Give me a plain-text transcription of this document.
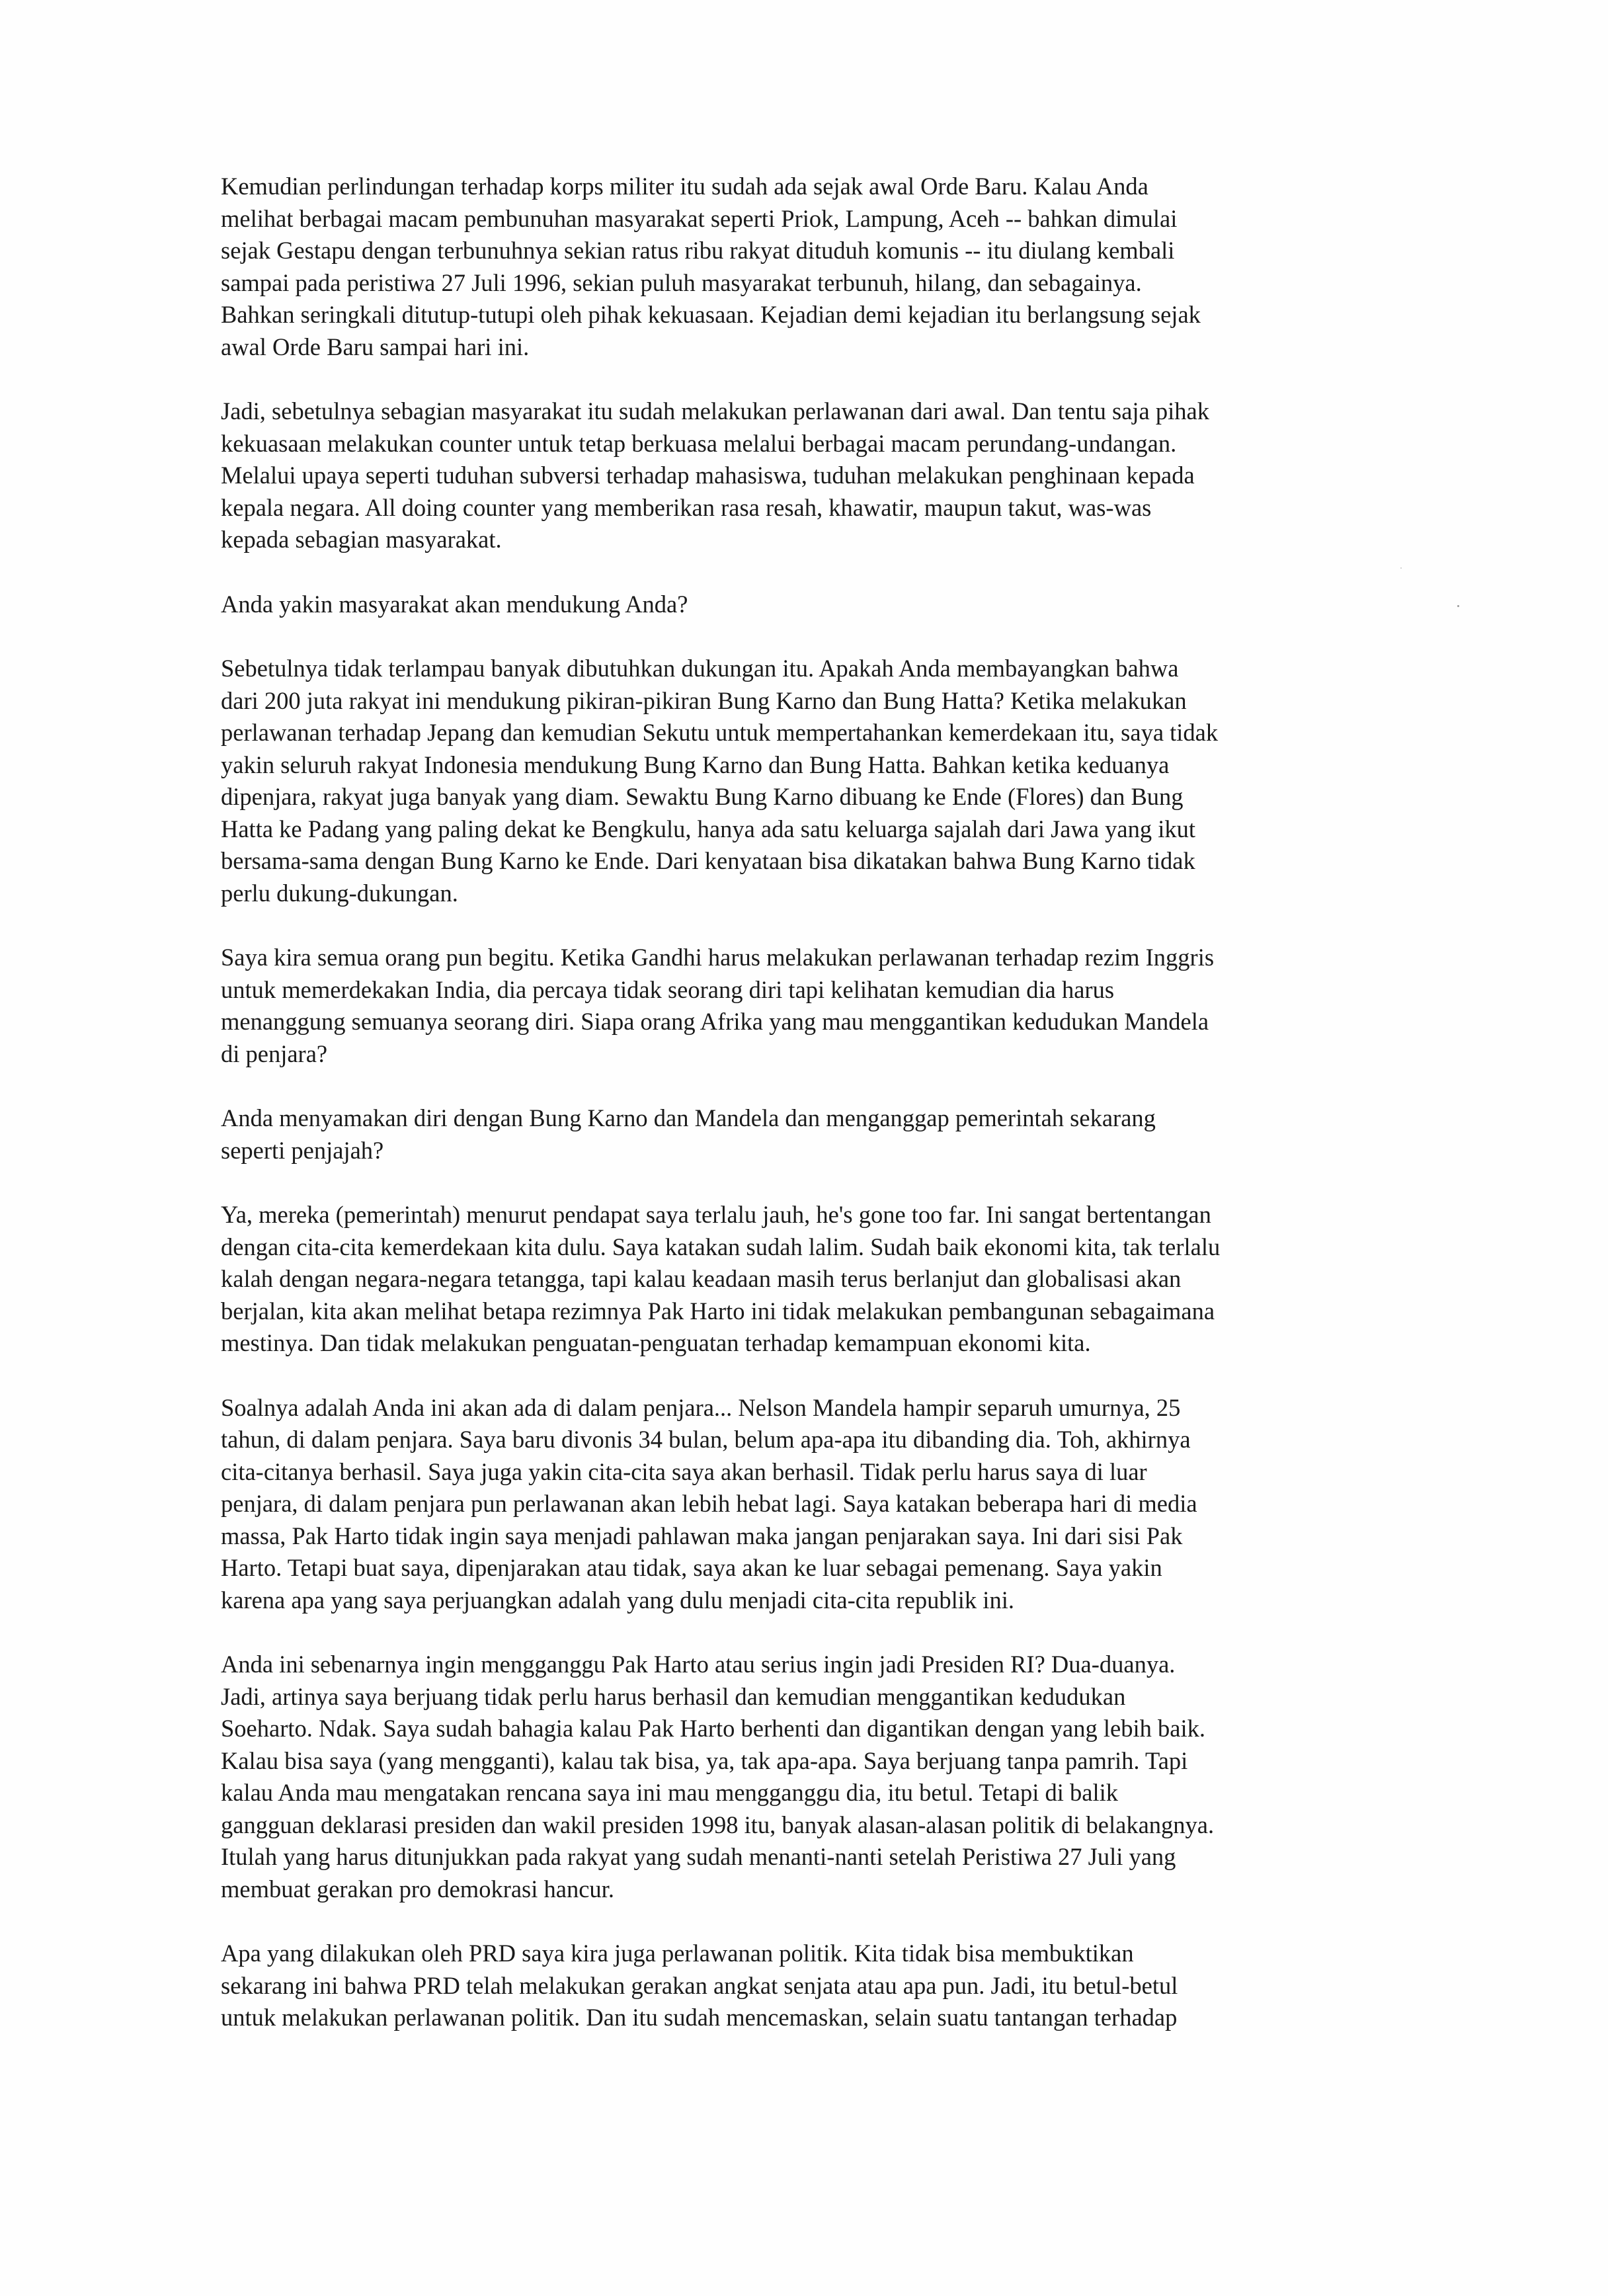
Kemudian perlindungan terhadap korps militer itu sudah ada sejak awal Orde Baru. Kalau Anda
melihat berbagai macam pembunuhan masyarakat seperti Priok, Lampung, Aceh -- bahkan dimulai
sejak Gestapu dengan terbunuhnya sekian ratus ribu rakyat dituduh komunis -- itu diulang kembali
sampai pada peristiwa 27 Juli 1996, sekian puluh masyarakat terbunuh, hilang, dan sebagainya.
Bahkan seringkali ditutup-tutupi oleh pihak kekuasaan. Kejadian demi kejadian itu berlangsung sejak
awal Orde Baru sampai hari ini.

Jadi, sebetulnya sebagian masyarakat itu sudah melakukan perlawanan dari awal. Dan tentu saja pihak
kekuasaan melakukan counter untuk tetap berkuasa melalui berbagai macam perundang-undangan.
Melalui upaya seperti tuduhan subversi terhadap mahasiswa, tuduhan melakukan penghinaan kepada
kepala negara. All doing counter yang memberikan rasa resah, khawatir, maupun takut, was-was
kepada sebagian masyarakat.

Anda yakin masyarakat akan mendukung Anda?

Sebetulnya tidak terlampau banyak dibutuhkan dukungan itu. Apakah Anda membayangkan bahwa
dari 200 juta rakyat ini mendukung pikiran-pikiran Bung Karno dan Bung Hatta? Ketika melakukan
perlawanan terhadap Jepang dan kemudian Sekutu untuk mempertahankan kemerdekaan itu, saya tidak
yakin seluruh rakyat Indonesia mendukung Bung Karno dan Bung Hatta. Bahkan ketika keduanya
dipenjara, rakyat juga banyak yang diam. Sewaktu Bung Karno dibuang ke Ende (Flores) dan Bung
Hatta ke Padang yang paling dekat ke Bengkulu, hanya ada satu keluarga sajalah dari Jawa yang ikut
bersama-sama dengan Bung Karno ke Ende. Dari kenyataan bisa dikatakan bahwa Bung Karno tidak
perlu dukung-dukungan.

Saya kira semua orang pun begitu. Ketika Gandhi harus melakukan perlawanan terhadap rezim Inggris
untuk memerdekakan India, dia percaya tidak seorang diri tapi kelihatan kemudian dia harus
menanggung semuanya seorang diri. Siapa orang Afrika yang mau menggantikan kedudukan Mandela
di penjara?

Anda menyamakan diri dengan Bung Karno dan Mandela dan menganggap pemerintah sekarang
seperti penjajah?

Ya, mereka (pemerintah) menurut pendapat saya terlalu jauh, he's gone too far. Ini sangat bertentangan
dengan cita-cita kemerdekaan kita dulu. Saya katakan sudah lalim. Sudah baik ekonomi kita, tak terlalu
kalah dengan negara-negara tetangga, tapi kalau keadaan masih terus berlanjut dan globalisasi akan
berjalan, kita akan melihat betapa rezimnya Pak Harto ini tidak melakukan pembangunan sebagaimana
mestinya. Dan tidak melakukan penguatan-penguatan terhadap kemampuan ekonomi kita.

Soalnya adalah Anda ini akan ada di dalam penjara... Nelson Mandela hampir separuh umurnya, 25
tahun, di dalam penjara. Saya baru divonis 34 bulan, belum apa-apa itu dibanding dia. Toh, akhirnya
cita-citanya berhasil. Saya juga yakin cita-cita saya akan berhasil. Tidak perlu harus saya di luar
penjara, di dalam penjara pun perlawanan akan lebih hebat lagi. Saya katakan beberapa hari di media
massa, Pak Harto tidak ingin saya menjadi pahlawan maka jangan penjarakan saya. Ini dari sisi Pak
Harto. Tetapi buat saya, dipenjarakan atau tidak, saya akan ke luar sebagai pemenang. Saya yakin
karena apa yang saya perjuangkan adalah yang dulu menjadi cita-cita republik ini.

Anda ini sebenarnya ingin mengganggu Pak Harto atau serius ingin jadi Presiden RI? Dua-duanya.
Jadi, artinya saya berjuang tidak perlu harus berhasil dan kemudian menggantikan kedudukan
Soeharto. Ndak. Saya sudah bahagia kalau Pak Harto berhenti dan digantikan dengan yang lebih baik.
Kalau bisa saya (yang mengganti), kalau tak bisa, ya, tak apa-apa. Saya berjuang tanpa pamrih. Tapi
kalau Anda mau mengatakan rencana saya ini mau mengganggu dia, itu betul. Tetapi di balik
gangguan deklarasi presiden dan wakil presiden 1998 itu, banyak alasan-alasan politik di belakangnya.
Itulah yang harus ditunjukkan pada rakyat yang sudah menanti-nanti setelah Peristiwa 27 Juli yang
membuat gerakan pro demokrasi hancur.

Apa yang dilakukan oleh PRD saya kira juga perlawanan politik. Kita tidak bisa membuktikan
sekarang ini bahwa PRD telah melakukan gerakan angkat senjata atau apa pun. Jadi, itu betul-betul
untuk melakukan perlawanan politik. Dan itu sudah mencemaskan, selain suatu tantangan terhadap
